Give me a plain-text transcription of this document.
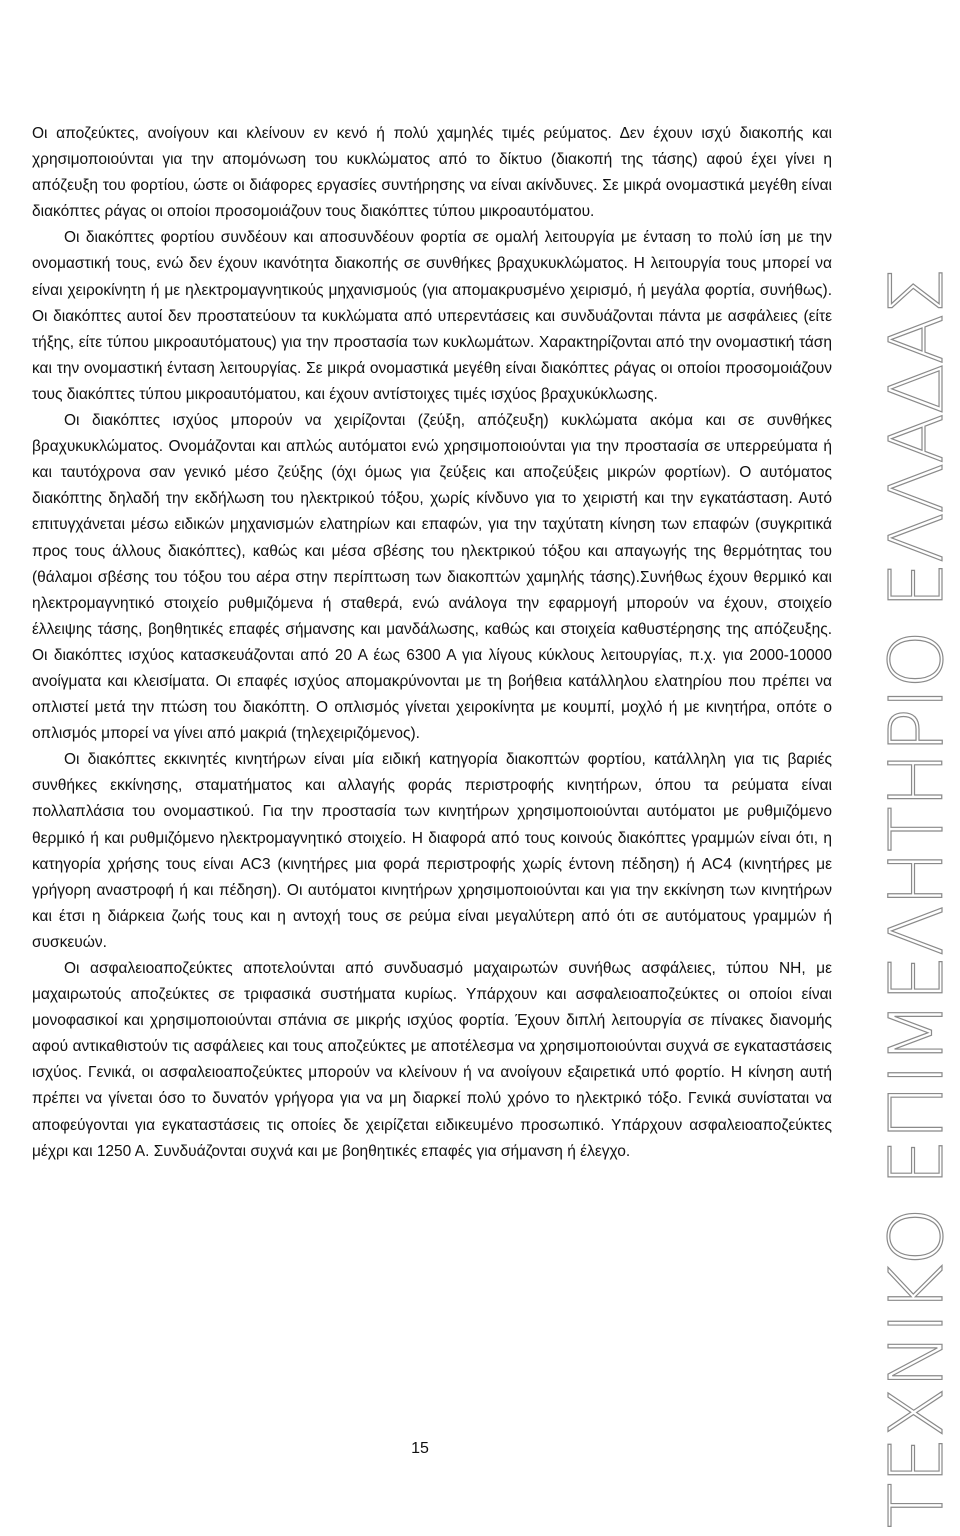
Οι αποζεύκτες, ανοίγουν και κλείνουν εν κενό ή πολύ χαμηλές τιμές ρεύματος. Δεν έχουν ισχύ διακοπής και χρησιμοποιούνται για την απομόνωση του κυκλώματος από το δίκτυο (διακοπή της τάσης) αφού έχει γίνει η απόζευξη του φορτίου, ώστε οι διάφορες εργασίες συντήρησης να είναι ακίνδυνες. Σε μικρά ονομαστικά μεγέθη είναι διακόπτες ράγας οι οποίοι προσομοιάζουν τους διακόπτες τύπου μικροαυτόματου.

Οι διακόπτες φορτίου συνδέουν και αποσυνδέουν φορτία σε ομαλή λειτουργία με ένταση το πολύ ίση με την ονομαστική τους, ενώ δεν έχουν ικανότητα διακοπής σε συνθήκες βραχυκυκλώματος. Η λειτουργία τους μπορεί να είναι χειροκίνητη ή με ηλεκτρομαγνητικούς μηχανισμούς (για απομακρυσμένο χειρισμό, ή μεγάλα φορτία, συνήθως). Οι διακόπτες αυτοί δεν προστατεύουν τα κυκλώματα από υπερεντάσεις και συνδυάζονται πάντα με ασφάλειες (είτε τήξης, είτε τύπου μικροαυτόματους) για την προστασία των κυκλωμάτων. Χαρακτηρίζονται από την ονομαστική τάση και την ονομαστική ένταση λειτουργίας. Σε μικρά ονομαστικά μεγέθη είναι διακόπτες ράγας οι οποίοι προσομοιάζουν τους διακόπτες τύπου μικροαυτόματου, και έχουν αντίστοιχες τιμές ισχύος βραχυκύκλωσης.

Οι διακόπτες ισχύος μπορούν να χειρίζονται (ζεύξη, απόζευξη) κυκλώματα ακόμα και σε συνθήκες βραχυκυκλώματος. Ονομάζονται και απλώς αυτόματοι ενώ χρησιμοποιούνται για την προστασία σε υπερρεύματα ή και ταυτόχρονα σαν γενικό μέσο ζεύξης (όχι όμως για ζεύξεις και αποζεύξεις μικρών φορτίων). Ο αυτόματος διακόπτης δηλαδή την εκδήλωση του ηλεκτρικού τόξου, χωρίς κίνδυνο για το χειριστή και την εγκατάσταση. Αυτό επιτυγχάνεται μέσω ειδικών μηχανισμών ελατηρίων και επαφών, για την ταχύτατη κίνηση των επαφών (συγκριτικά προς τους άλλους διακόπτες), καθώς και μέσα σβέσης του ηλεκτρικού τόξου και απαγωγής της θερμότητας του (θάλαμοι σβέσης του τόξου του αέρα στην περίπτωση των διακοπτών χαμηλής τάσης).Συνήθως έχουν θερμικό και ηλεκτρομαγνητικό στοιχείο ρυθμιζόμενα ή σταθερά, ενώ ανάλογα την εφαρμογή μπορούν να έχουν, στοιχείο έλλειψης τάσης, βοηθητικές επαφές σήμανσης και μανδάλωσης, καθώς και στοιχεία καθυστέρησης της απόζευξης. Οι διακόπτες ισχύος κατασκευάζονται από 20 Α έως 6300 Α για λίγους κύκλους λειτουργίας, π.χ. για 2000-10000 ανοίγματα και κλεισίματα. Οι επαφές ισχύος απομακρύνονται με τη βοήθεια κατάλληλου ελατηρίου που πρέπει να οπλιστεί μετά την πτώση του διακόπτη. Ο οπλισμός γίνεται χειροκίνητα με κουμπί, μοχλό ή με κινητήρα, οπότε ο οπλισμός μπορεί να γίνει από μακριά (τηλεχειριζόμενος).

Οι διακόπτες εκκινητές κινητήρων είναι μία ειδική κατηγορία διακοπτών φορτίου, κατάλληλη για τις βαριές συνθήκες εκκίνησης, σταματήματος και αλλαγής φοράς περιστροφής κινητήρων, όπου τα ρεύματα είναι πολλαπλάσια του ονομαστικού. Για την προστασία των κινητήρων χρησιμοποιούνται αυτόματοι με ρυθμιζόμενο θερμικό ή και ρυθμιζόμενο ηλεκτρομαγνητικό στοιχείο. Η διαφορά από τους κοινούς διακόπτες γραμμών είναι ότι, η κατηγορία χρήσης τους είναι AC3 (κινητήρες μια φορά περιστροφής χωρίς έντονη πέδηση) ή AC4 (κινητήρες με γρήγορη αναστροφή ή και πέδηση). Οι αυτόματοι κινητήρων χρησιμοποιούνται και για την εκκίνηση των κινητήρων και έτσι η διάρκεια ζωής τους και η αντοχή τους σε ρεύμα είναι μεγαλύτερη από ότι σε αυτόματους γραμμών ή συσκευών.

Οι ασφαλειοαποζεύκτες αποτελούνται από συνδυασμό μαχαιρωτών συνήθως ασφάλειες, τύπου ΝΗ, με μαχαιρωτούς αποζεύκτες σε τριφασικά συστήματα κυρίως. Υπάρχουν και ασφαλειοαποζεύκτες οι οποίοι είναι μονοφασικοί και χρησιμοποιούνται σπάνια σε μικρής ισχύος φορτία. Έχουν διπλή λειτουργία σε πίνακες διανομής αφού αντικαθιστούν τις ασφάλειες και τους αποζεύκτες με αποτέλεσμα να χρησιμοποιούνται συχνά σε εγκαταστάσεις ισχύος. Γενικά, οι ασφαλειοαποζεύκτες μπορούν να κλείνουν ή να ανοίγουν εξαιρετικά υπό φορτίο. Η κίνηση αυτή πρέπει να γίνεται όσο το δυνατόν γρήγορα για να μη διαρκεί πολύ χρόνο το ηλεκτρικό τόξο. Γενικά συνίσταται να αποφεύγονται για εγκαταστάσεις τις οποίες δε χειρίζεται ειδικευμένο προσωπικό. Υπάρχουν ασφαλειοαποζεύκτες μέχρι και 1250 Α. Συνδυάζονται συχνά και με βοηθητικές επαφές για σήμανση ή έλεγχο.

15	ΤΕΧΝΙΚΟ ΕΠΙΜΕΛΗΤΗΡΙΟ ΕΛΛΑΔΑΣ
